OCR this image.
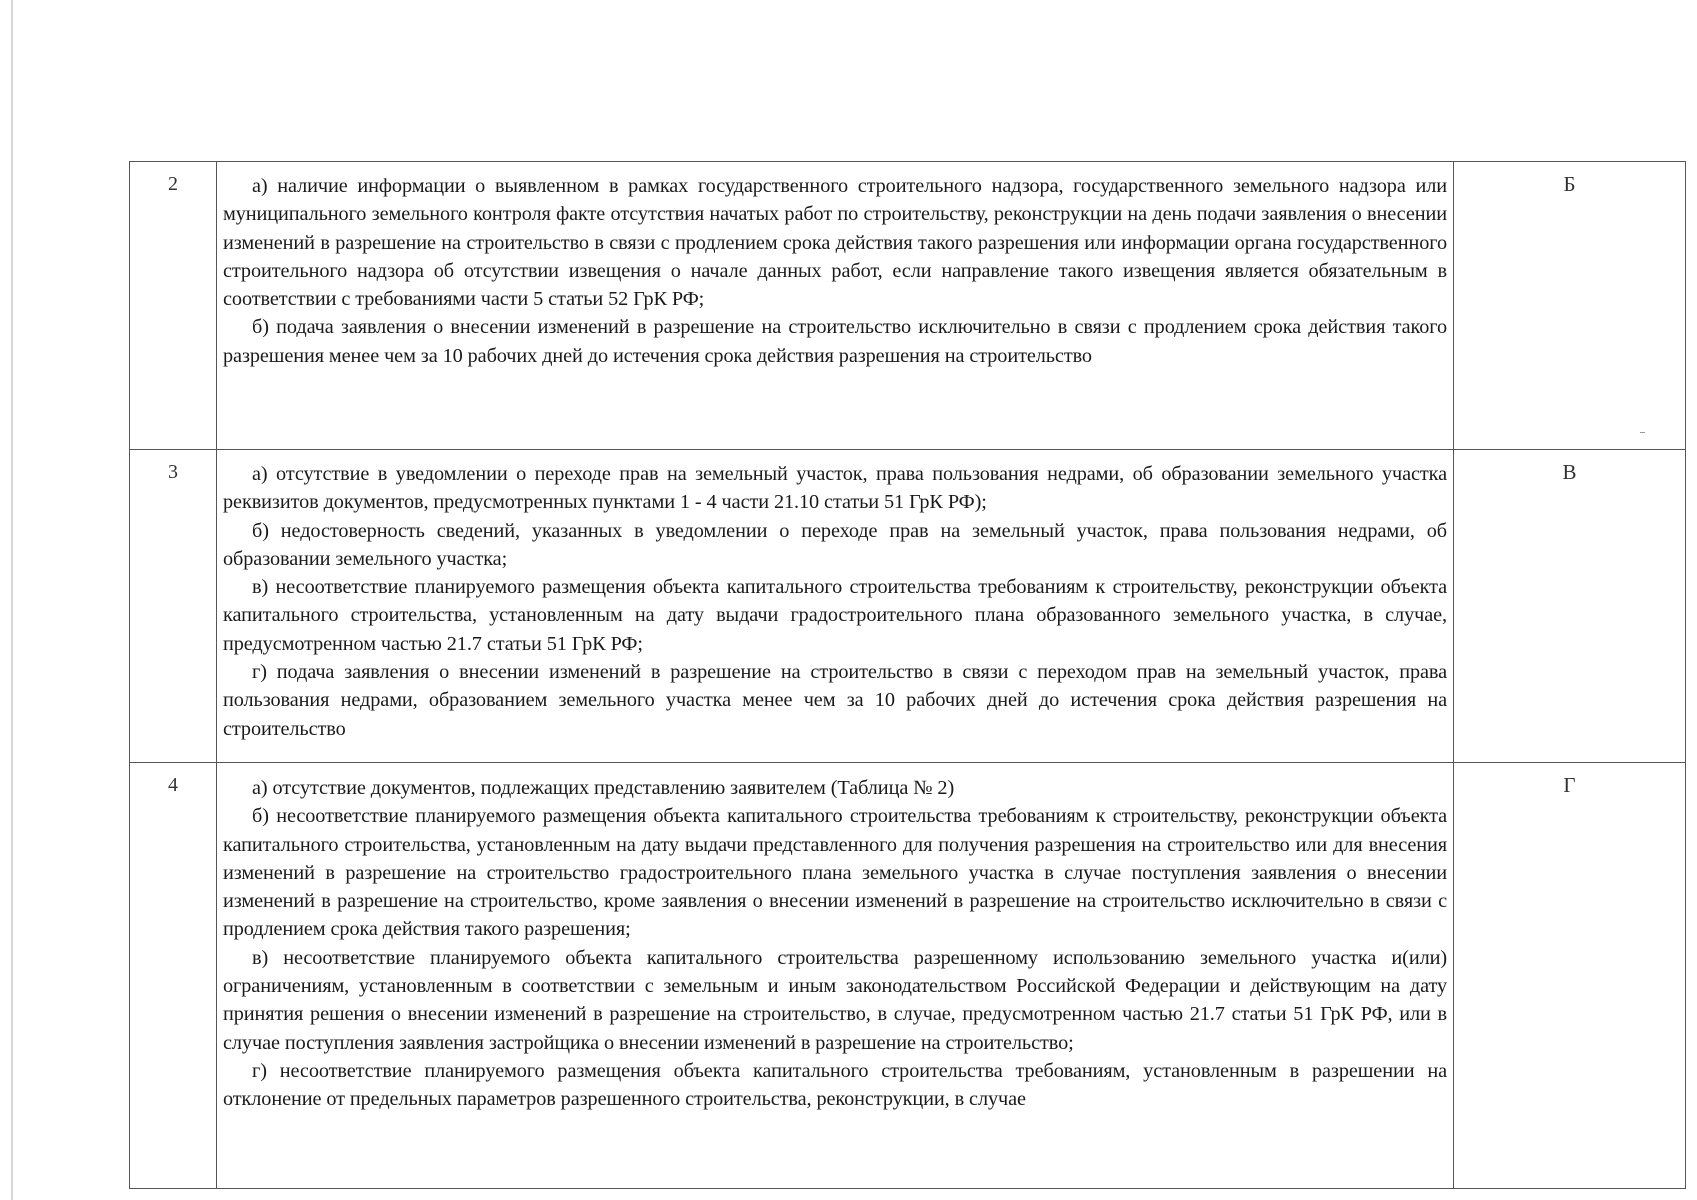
2	а) наличие информации о выявленном в рамках государственного строительного надзора, государственного земельного надзора или муниципального земельного контроля факте отсутствия начатых работ по строительству, реконструкции на день подачи заявления о внесении изменений в разрешение на строительство в связи с продлением срока действия такого разрешения или информации органа государственного строительного надзора об отсутствии извещения о начале данных работ, если направление такого извещения является обязательным в соответствии с требованиями части 5 статьи 52 ГрК РФ;

б) подача заявления о внесении изменений в разрешение на строительство исключительно в связи с продлением срока действия такого разрешения менее чем за 10 рабочих дней до истечения срока действия разрешения на строительство	Б
3	а) отсутствие в уведомлении о переходе прав на земельный участок, права пользования недрами, об образовании земельного участка реквизитов документов, предусмотренных пунктами 1 - 4 части 21.10 статьи 51 ГрК РФ);

б) недостоверность сведений, указанных в уведомлении о переходе прав на земельный участок, права пользования недрами, об образовании земельного участка;

в) несоответствие планируемого размещения объекта капитального строительства требованиям к строительству, реконструкции объекта капитального строительства, установленным на дату выдачи градостроительного плана образованного земельного участка, в случае, предусмотренном частью 21.7 статьи 51 ГрК РФ;

г) подача заявления о внесении изменений в разрешение на строительство в связи с переходом прав на земельный участок, права пользования недрами, образованием земельного участка менее чем за 10 рабочих дней до истечения срока действия разрешения на строительство	В
4	а) отсутствие документов, подлежащих представлению заявителем (Таблица № 2)

б) несоответствие планируемого размещения объекта капитального строительства требованиям к строительству, реконструкции объекта капитального строительства, установленным на дату выдачи представленного для получения разрешения на строительство или для внесения изменений в разрешение на строительство градостроительного плана земельного участка в случае поступления заявления о внесении изменений в разрешение на строительство, кроме заявления о внесении изменений в разрешение на строительство исключительно в связи с продлением срока действия такого разрешения;

в) несоответствие планируемого объекта капитального строительства разрешенному использованию земельного участка и(или) ограничениям, установленным в соответствии с земельным и иным законодательством Российской Федерации и действующим на дату принятия решения о внесении изменений в разрешение на строительство, в случае, предусмотренном частью 21.7 статьи 51 ГрК РФ, или в случае поступления заявления застройщика о внесении изменений в разрешение на строительство;

г) несоответствие планируемого размещения объекта капитального строительства требованиям, установленным в разрешении на отклонение от предельных параметров разрешенного строительства, реконструкции, в случае	Г
